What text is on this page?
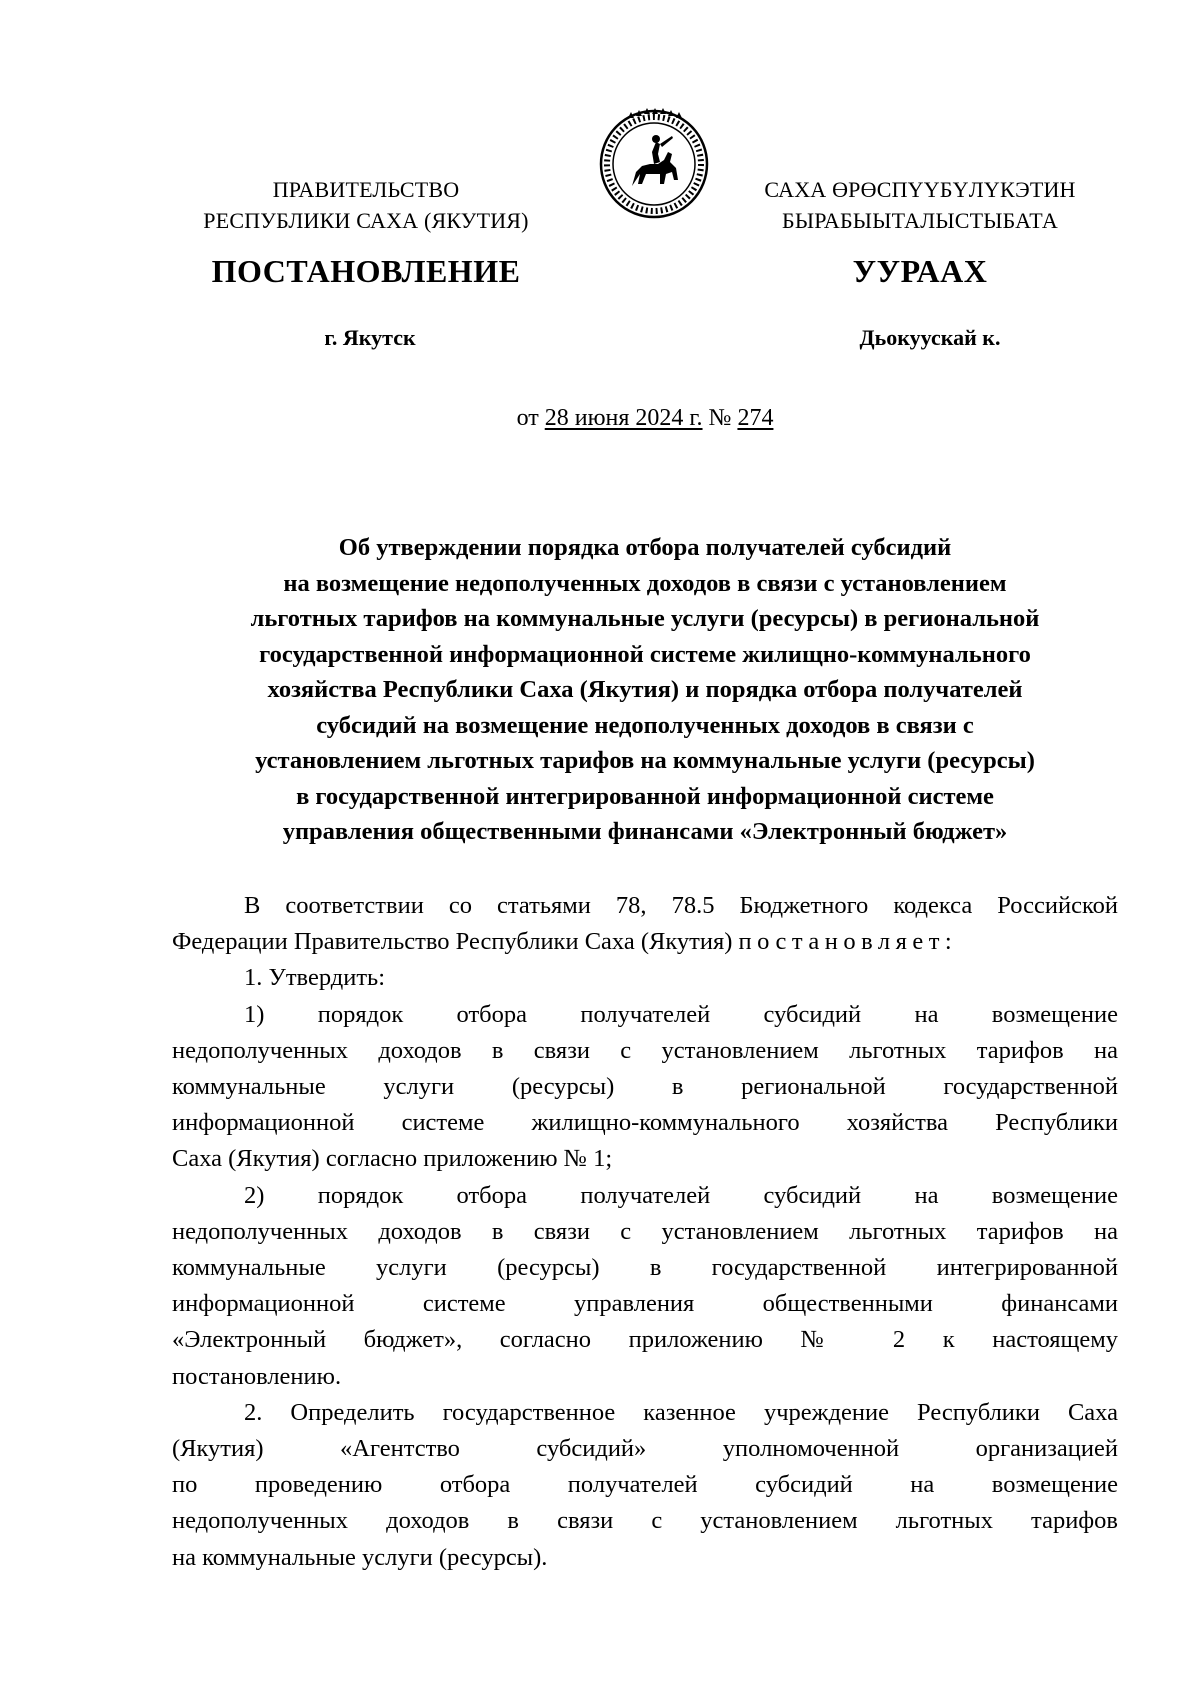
ПРАВИТЕЛЬСТВО
РЕСПУБЛИКИ САХА (ЯКУТИЯ)
САХА ӨРӨСПҮҮБҮЛҮКЭТИН
БЫРАБЫЫТАЛЫСТЫБАТА
ПОСТАНОВЛЕНИЕ	УУРААХ
г. Якутск	Дьокуускай к.
от 28 июня 2024 г. № 274
Об утверждении порядка отбора получателей субсидий
на возмещение недополученных доходов в связи с установлением
льготных тарифов на коммунальные услуги (ресурсы) в региональной
государственной информационной системе жилищно-коммунального
хозяйства Республики Саха (Якутия) и порядка отбора получателей
субсидий на возмещение недополученных доходов в связи с
установлением льготных тарифов на коммунальные услуги (ресурсы)
в государственной интегрированной информационной системе
управления общественными финансами «Электронный бюджет»
В соответствии со статьями 78, 78.5 Бюджетного кодекса Российской
Федерации Правительство Республики Саха (Якутия) постановляет:
1. Утвердить:
1) порядок отбора получателей субсидий на возмещение
недополученных доходов в связи с установлением льготных тарифов на
коммунальные услуги (ресурсы) в региональной государственной
информационной системе жилищно-коммунального хозяйства Республики
Саха (Якутия) согласно приложению № 1;
2) порядок отбора получателей субсидий на возмещение
недополученных доходов в связи с установлением льготных тарифов на
коммунальные услуги (ресурсы) в государственной интегрированной
информационной системе управления общественными финансами
«Электронный бюджет», согласно приложению № 2 к настоящему
постановлению.
2. Определить государственное казенное учреждение Республики Саха
(Якутия) «Агентство субсидий» уполномоченной организацией
по проведению отбора получателей субсидий на возмещение
недополученных доходов в связи с установлением льготных тарифов
на коммунальные услуги (ресурсы).
